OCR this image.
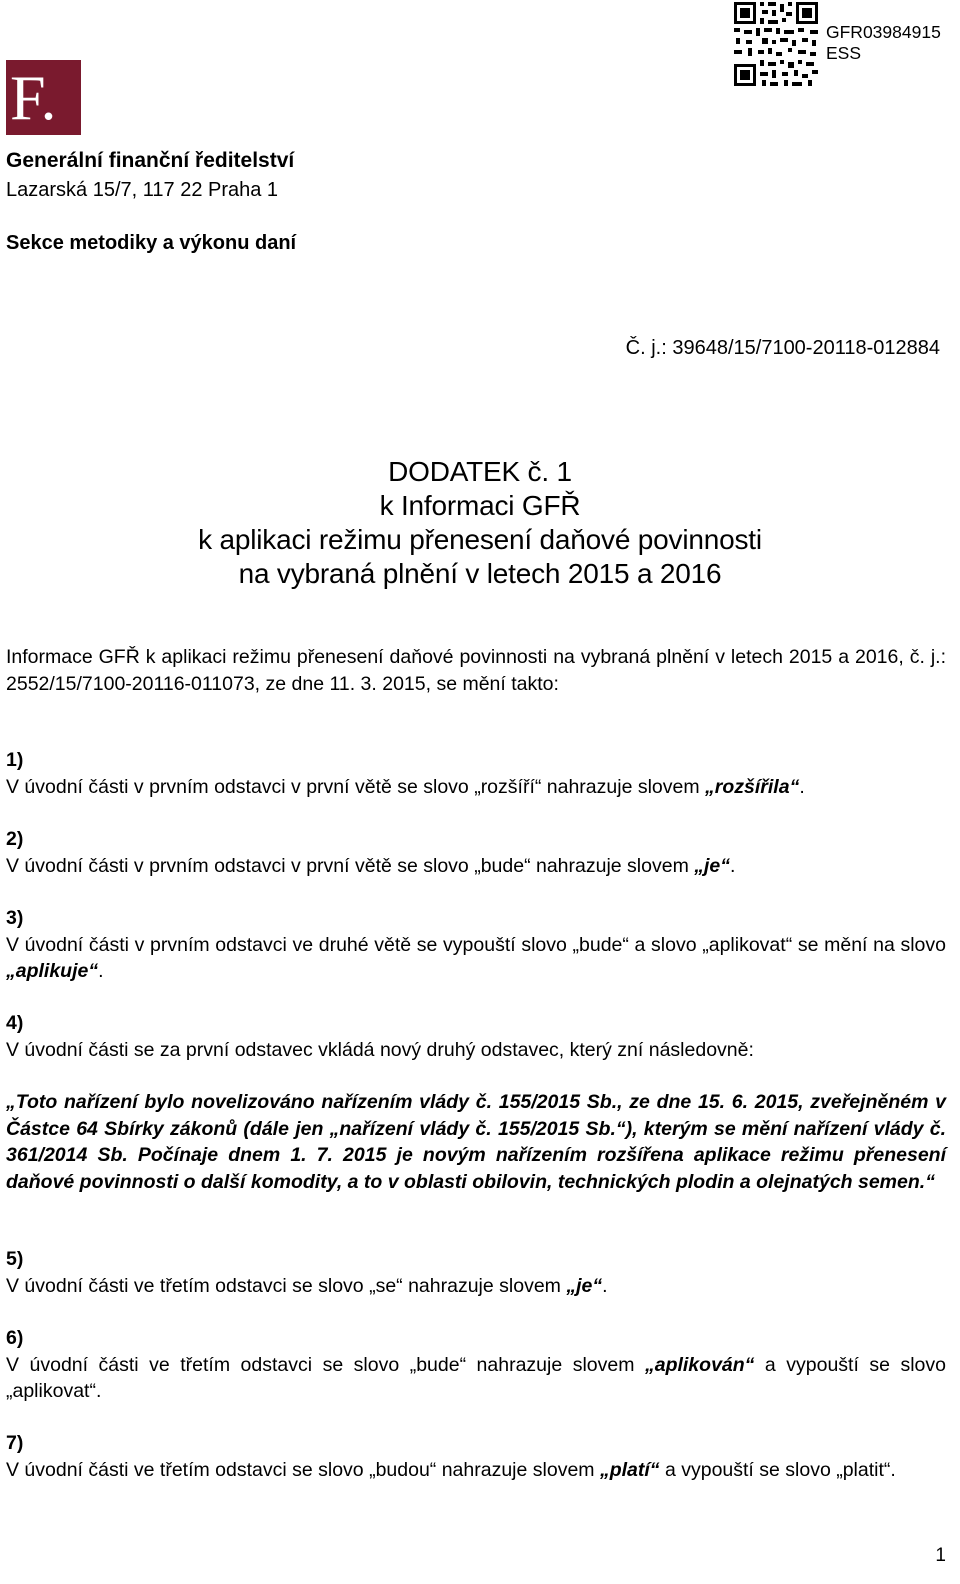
F.
GFR03984915
ESS
Generální finanční ředitelství
Lazarská 15/7, 117 22 Praha 1
Sekce metodiky a výkonu daní
Č. j.: 39648/15/7100-20118-012884
DODATEK č. 1
k Informaci GFŘ
k aplikaci režimu přenesení daňové povinnosti
na vybraná plnění v letech 2015 a 2016

Informace GFŘ k aplikaci režimu přenesení daňové povinnosti na vybraná plnění v letech 2015 a 2016, č. j.: 2552/15/7100-20116-011073, ze dne 11. 3. 2015, se mění takto:

1)

V úvodní části v prvním odstavci v první větě se slovo „rozšíří“ nahrazuje slovem „rozšířila“.

2)

V úvodní části v prvním odstavci v první větě se slovo „bude“ nahrazuje slovem „je“.

3)

V úvodní části v prvním odstavci ve druhé větě se vypouští slovo „bude“ a slovo „aplikovat“ se mění na slovo „aplikuje“.

4)

V úvodní části se za první odstavec vkládá nový druhý odstavec, který zní následovně:

„Toto nařízení bylo novelizováno nařízením vlády č. 155/2015 Sb., ze dne 15. 6. 2015, zveřejněném v Částce 64 Sbírky zákonů (dále jen „nařízení vlády č. 155/2015 Sb.“), kterým se mění nařízení vlády č. 361/2014 Sb. Počínaje dnem 1. 7. 2015 je novým nařízením rozšířena aplikace režimu přenesení daňové povinnosti o další komodity, a to v oblasti obilovin, technických plodin a olejnatých semen.“

5)

V úvodní části ve třetím odstavci se slovo „se“ nahrazuje slovem „je“.

6)

V úvodní části ve třetím odstavci se slovo „bude“ nahrazuje slovem „aplikován“ a vypouští se slovo „aplikovat“.

7)

V úvodní části ve třetím odstavci se slovo „budou“ nahrazuje slovem „platí“ a vypouští se slovo „platit“.

1
